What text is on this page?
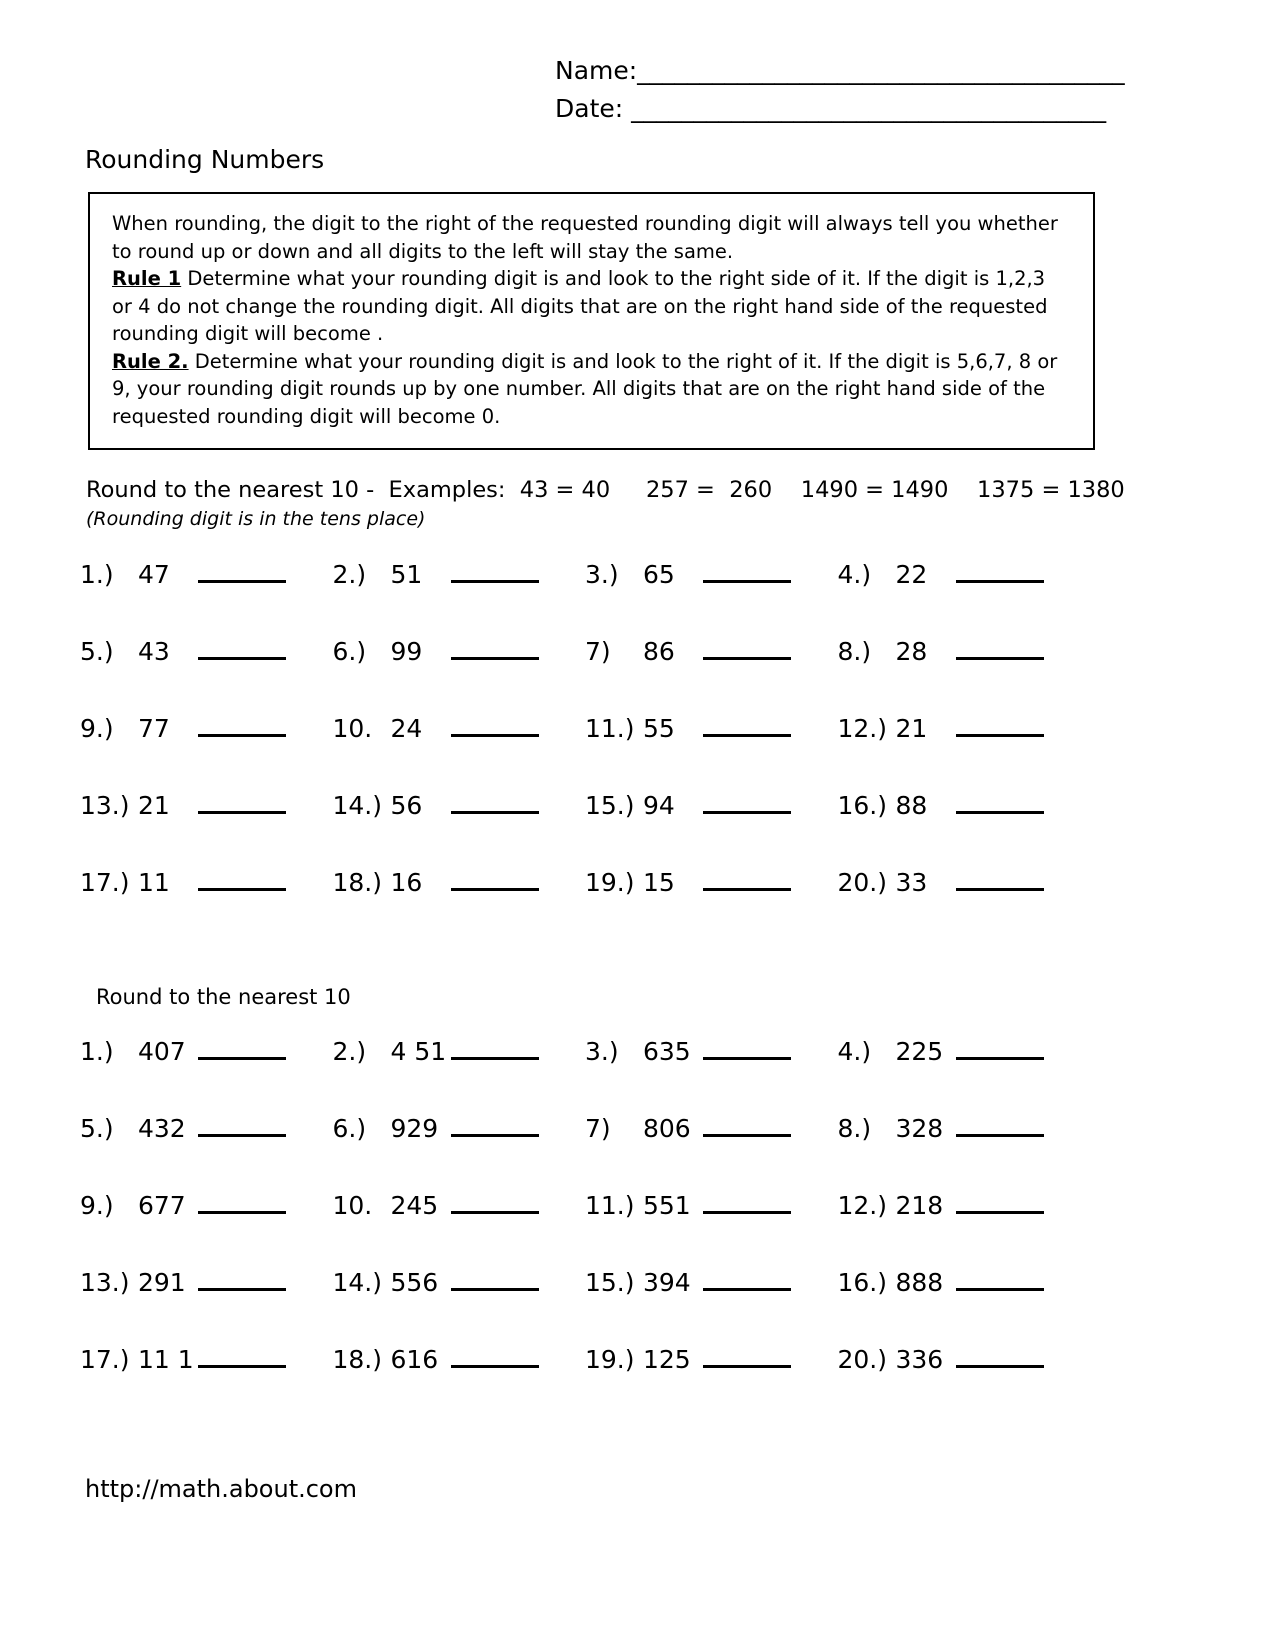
Name:_______________________________________
Date: ______________________________________
Rounding Numbers

When rounding, the digit to the right of the requested rounding digit will always tell you whether to round up or down and all digits to the left will stay the same.

Rule 1 Determine what your rounding digit is and look to the right side of it. If the digit is 1,2,3 or 4 do not change the rounding digit. All digits that are on the right hand side of the requested rounding digit will become .

Rule 2. Determine what your rounding digit is and look to the right of it. If the digit is 5,6,7, 8 or 9, your rounding digit rounds up by one number. All digits that are on the right hand side of the requested rounding digit will become 0.

Round to the nearest 10 -  Examples:  43 = 40     257 =  260    1490 = 1490    1375 = 1380
(Rounding digit is in the tens place)
1.) 47	2.) 51	3.) 65	4.) 22
5.) 43	6.) 99	7)	86	8.) 28
9.) 77	10. 24	11.) 55	12.) 21
13.) 21	14.) 56	15.) 94	16.) 88
17.) 11	18.) 16	19.) 15	20.) 33
Round to the nearest 10
1.) 407	2.) 4 51	3.) 635	4.) 225
5.) 432	6.) 929	7)	806	8.) 328
9.) 677	10. 245	11.) 551	12.) 218
13.) 291	14.) 556	15.) 394	16.) 888
17.) 11 1	18.) 616	19.) 125	20.) 336
http://math.about.com
